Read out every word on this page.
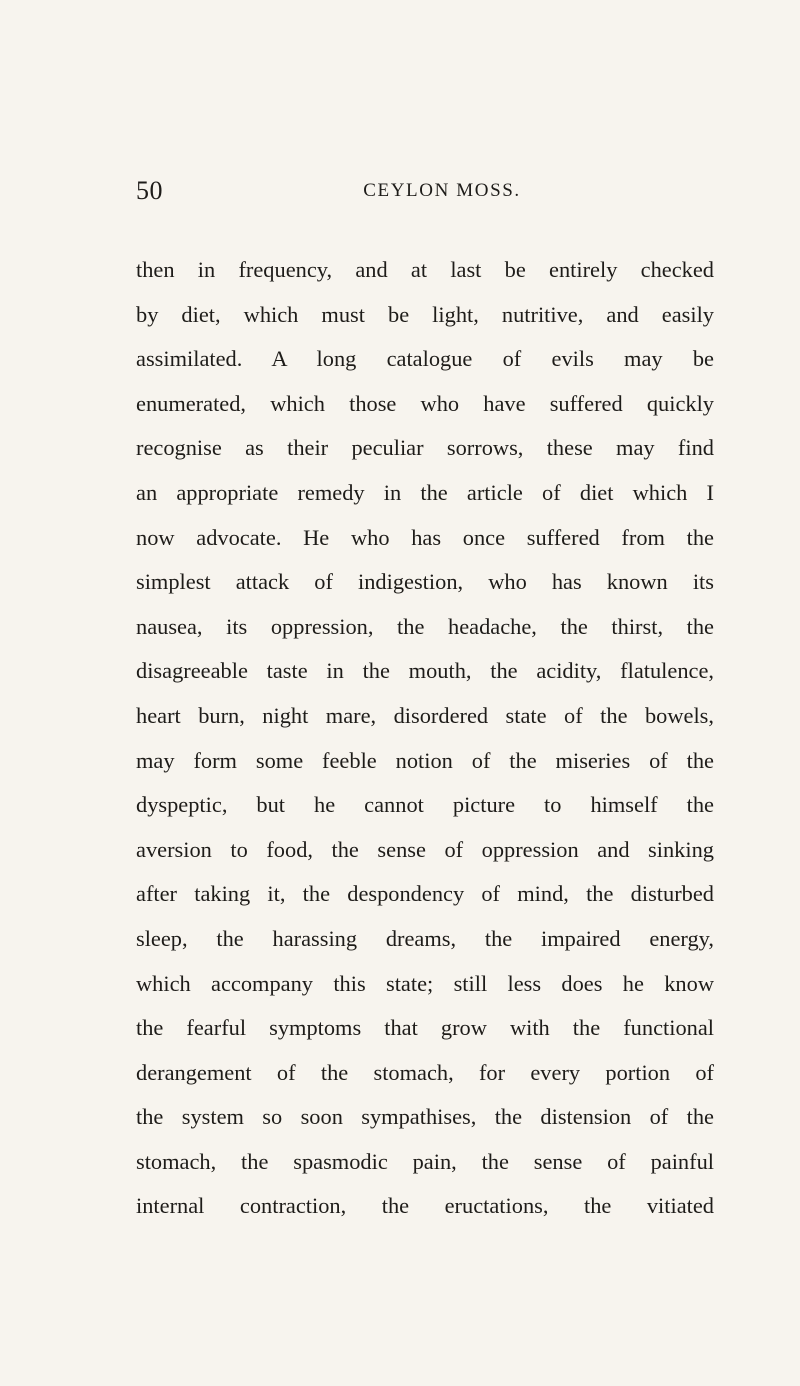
50	CEYLON MOSS.
then in frequency, and at last be entirely checked
by diet, which must be light, nutritive, and easily
assimilated. A long catalogue of evils may be
enumerated, which those who have suffered quickly
recognise as their peculiar sorrows, these may find
an appropriate remedy in the article of diet which I
now advocate. He who has once suffered from the
simplest attack of indigestion, who has known its
nausea, its oppression, the headache, the thirst, the
disagreeable taste in the mouth, the acidity, flatulence,
heart burn, night mare, disordered state of the bowels,
may form some feeble notion of the miseries of the
dyspeptic, but he cannot picture to himself the
aversion to food, the sense of oppression and sinking
after taking it, the despondency of mind, the disturbed
sleep, the harassing dreams, the impaired energy,
which accompany this state; still less does he know
the fearful symptoms that grow with the functional
derangement of the stomach, for every portion of
the system so soon sympathises, the distension of the
stomach, the spasmodic pain, the sense of painful
internal contraction, the eructations, the vitiated
